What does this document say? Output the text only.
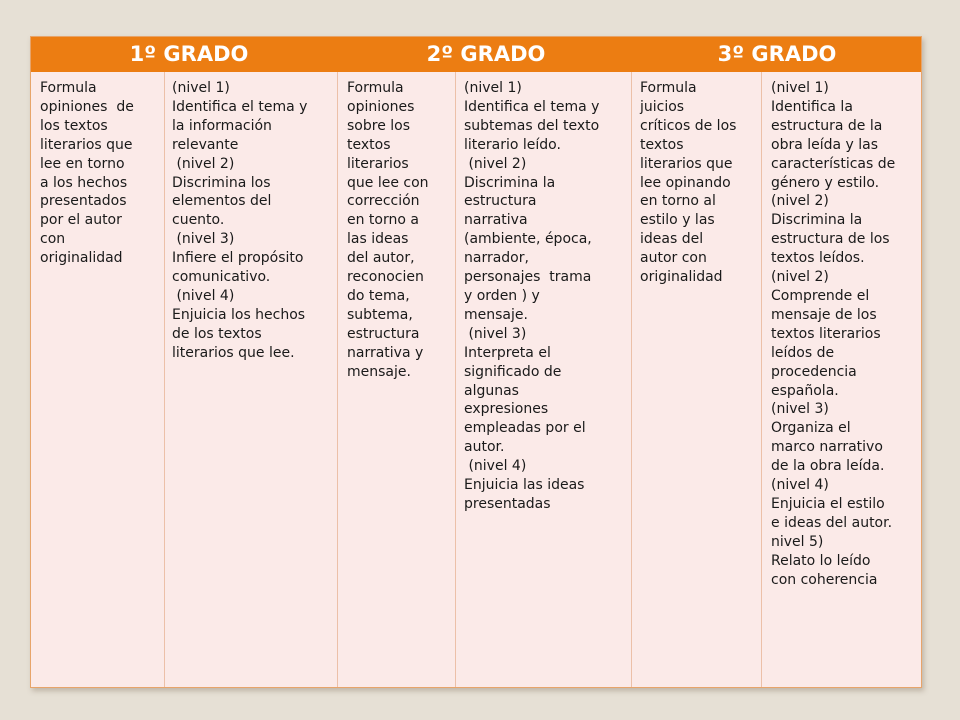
1º GRADO	2º GRADO	3º GRADO
Formula
opiniones  de
los textos
literarios que
lee en torno
a los hechos
presentados
por el autor
con
originalidad
(nivel 1)
Identifica el tema y
la información
relevante
(nivel 2)
Discrimina los
elementos del
cuento.
(nivel 3)
Infiere el propósito
comunicativo.
(nivel 4)
Enjuicia los hechos
de los textos
literarios que lee.
Formula
opiniones
sobre los
textos
literarios
que lee con
corrección
en torno a
las ideas
del autor,
reconocien
do tema,
subtema,
estructura
narrativa y
mensaje.
(nivel 1)
Identifica el tema y
subtemas del texto
literario leído.
(nivel 2)
Discrimina la
estructura
narrativa
(ambiente, época,
narrador,
personajes  trama
y orden ) y
mensaje.
(nivel 3)
Interpreta el
significado de
algunas
expresiones
empleadas por el
autor.
(nivel 4)
Enjuicia las ideas
presentadas
Formula
juicios
críticos de los
textos
literarios que
lee opinando
en torno al
estilo y las
ideas del
autor con
originalidad
(nivel 1)
Identifica la
estructura de la
obra leída y las
características de
género y estilo.
(nivel 2)
Discrimina la
estructura de los
textos leídos.
(nivel 2)
Comprende el
mensaje de los
textos literarios
leídos de
procedencia
española.
(nivel 3)
Organiza el
marco narrativo
de la obra leída.
(nivel 4)
Enjuicia el estilo
e ideas del autor.
nivel 5)
Relato lo leído
con coherencia
